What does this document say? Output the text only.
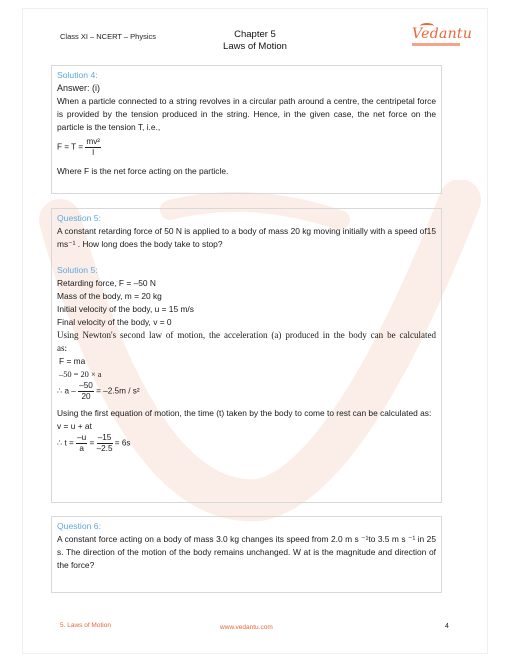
Class XI – NCERT – Physics	Chapter 5
Laws of Motion
Vedantu
Solution 4:
Answer: (i)
When a particle connected to a string revolves in a circular path around a centre, the centripetal force is provided by the tension produced in the string. Hence, in the given case, the net force on the particle is the tension T, i.e.,
$F = T = \frac{\text{mv²}}{l}$
Where F is the net force acting on the particle.
Question 5:
A constant retarding force of 50 N is applied to a body of mass 20 kg moving initially with a speed of15 ms⁻¹ . How long does the body take to stop?
Solution 5:
Retarding force, F = –50 N
Mass of the body, m = 20 kg
Initial velocity of the body, u = 15 m/s
Final velocity of the body, v = 0
Using Newton's second law of motion, the acceleration (a) produced in the body can be calculated as:
F = ma
–50 = 20 × a
∴ $a - \frac{-50}{20} = -2.5m / s^2$
Using the first equation of motion, the time (t) taken by the body to come to rest can be calculated as:
v = u + at
∴ $t = \frac{-u}{a} = \frac{-15}{-2.5} = 6s$
Question 6:
A constant force acting on a body of mass 3.0 kg changes its speed from 2.0 m s ⁻¹to 3.5 m s ⁻¹ in 25 s. The direction of the motion of the body remains unchanged. W at is the magnitude and direction of the force?
5. Laws of Motion	www.vedantu.com	4
